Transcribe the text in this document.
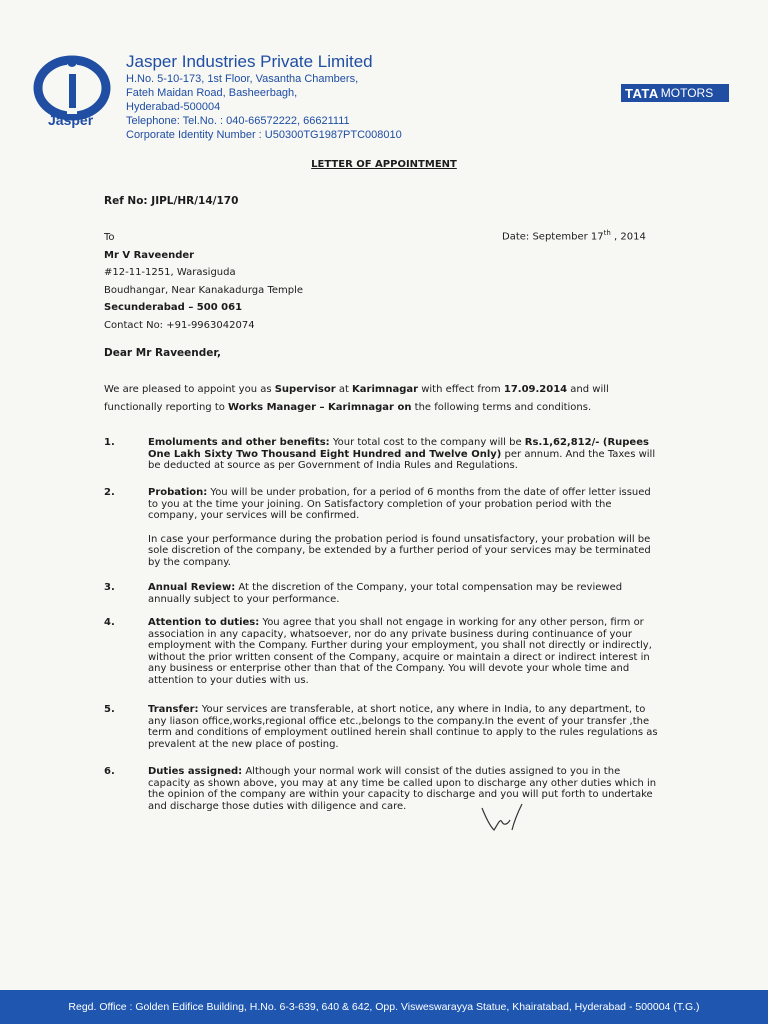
Jasper
Jasper Industries Private Limited
H.No. 5-10-173, 1st Floor, Vasantha Chambers,
Fateh Maidan Road, Basheerbagh,
Hyderabad-500004
Telephone: Tel.No. : 040-66572222, 66621111
Corporate Identity Number : U50300TG1987PTC008010
TATA MOTORS
LETTER OF APPOINTMENT
Ref No: JIPL/HR/14/170
To
Mr V Raveender
#12-11-1251, Warasiguda
Boudhangar, Near Kanakadurga Temple
Secunderabad – 500 061
Contact No: +91-9963042074
Date: September 17th , 2014
Dear Mr Raveender,
We are pleased to appoint you as Supervisor at Karimnagar with effect from 17.09.2014 and will functionally reporting to Works Manager – Karimnagar on the following terms and conditions.
1.	Emoluments and other benefits: Your total cost to the company will be Rs.1,62,812/- (Rupees One Lakh Sixty Two Thousand Eight Hundred and Twelve Only) per annum. And the Taxes will be deducted at source as per Government of India Rules and Regulations.
2.	Probation: You will be under probation, for a period of 6 months from the date of offer letter issued to you at the time your joining. On Satisfactory completion of your probation period with the company, your services will be confirmed.
In case your performance during the probation period is found unsatisfactory, your probation will be sole discretion of the company, be extended by a further period of your services may be terminated by the company.
3.	Annual Review: At the discretion of the Company, your total compensation may be reviewed annually subject to your performance.
4.	Attention to duties: You agree that you shall not engage in working for any other person, firm or association in any capacity, whatsoever, nor do any private business during continuance of your employment with the Company. Further during your employment, you shall not directly or indirectly, without the prior written consent of the Company, acquire or maintain a direct or indirect interest in any business or enterprise other than that of the Company. You will devote your whole time and attention to your duties with us.
5.	Transfer: Your services are transferable, at short notice, any where in India, to any department, to any liason office,works,regional office etc.,belongs to the company.In the event of your transfer ,the term and conditions of employment outlined herein shall continue to apply to the rules regulations as prevalent at the new place of posting.
6.	Duties assigned: Although your normal work will consist of the duties assigned to you in the capacity as shown above, you may at any time be called upon to discharge any other duties which in the opinion of the company are within your capacity to discharge and you will put forth to undertake and discharge those duties with diligence and care.
Regd. Office : Golden Edifice Building, H.No. 6-3-639, 640 & 642, Opp. Visweswarayya Statue, Khairatabad, Hyderabad - 500004 (T.G.)
